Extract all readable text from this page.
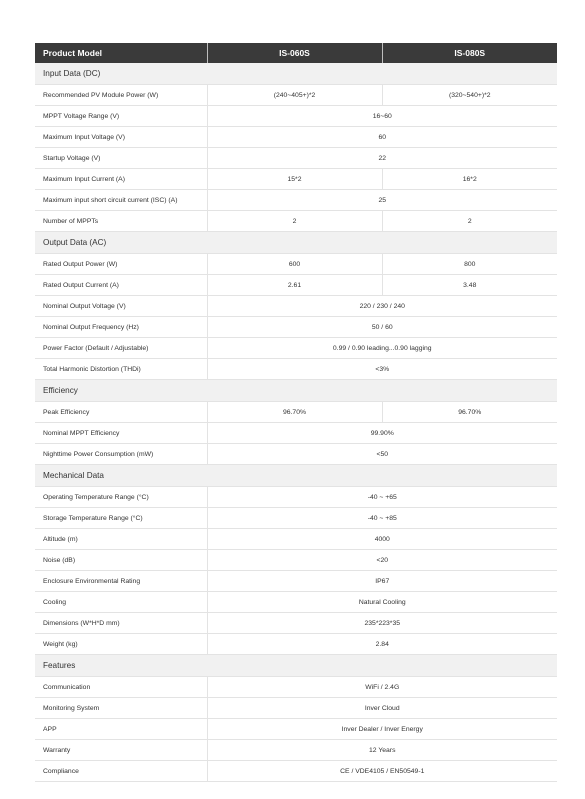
Product Model	IS-060S	IS-080S
Input Data (DC)		
Recommended PV Module Power (W)	(240~405+)*2	(320~540+)*2
MPPT Voltage Range (V)	16~60	
Maximum Input Voltage (V)	60	
Startup Voltage (V)	22	
Maximum Input Current (A)	15*2	16*2
Maximum input short circuit current (ISC) (A)	25	
Number of MPPTs	2	2
Output Data (AC)		
Rated Output Power (W)	600	800
Rated Output Current (A)	2.61	3.48
Nominal Output Voltage (V)	220 / 230 / 240	
Nominal Output Frequency (Hz)	50 / 60	
Power Factor (Default / Adjustable)	0.99 / 0.90 leading...0.90 lagging	
Total Harmonic Distortion (THDi)	<3%	
Efficiency		
Peak Efficiency	96.70%	96.70%
Nominal MPPT Efficiency	99.90%	
Nighttime Power Consumption (mW)	<50	
Mechanical Data		
Operating Temperature Range (°C)	-40 ~ +65	
Storage Temperature Range (°C)	-40 ~ +85	
Altitude (m)	4000	
Noise (dB)	<20	
Enclosure Environmental Rating	IP67	
Cooling	Natural Cooling	
Dimensions (W*H*D mm)	235*223*35	
Weight (kg)	2.84	
Features		
Communication	WiFi / 2.4G	
Monitoring System	Inver Cloud	
APP	Inver Dealer / Inver Energy	
Warranty	12 Years	
Compliance	CE / VDE4105 / EN50549-1	
